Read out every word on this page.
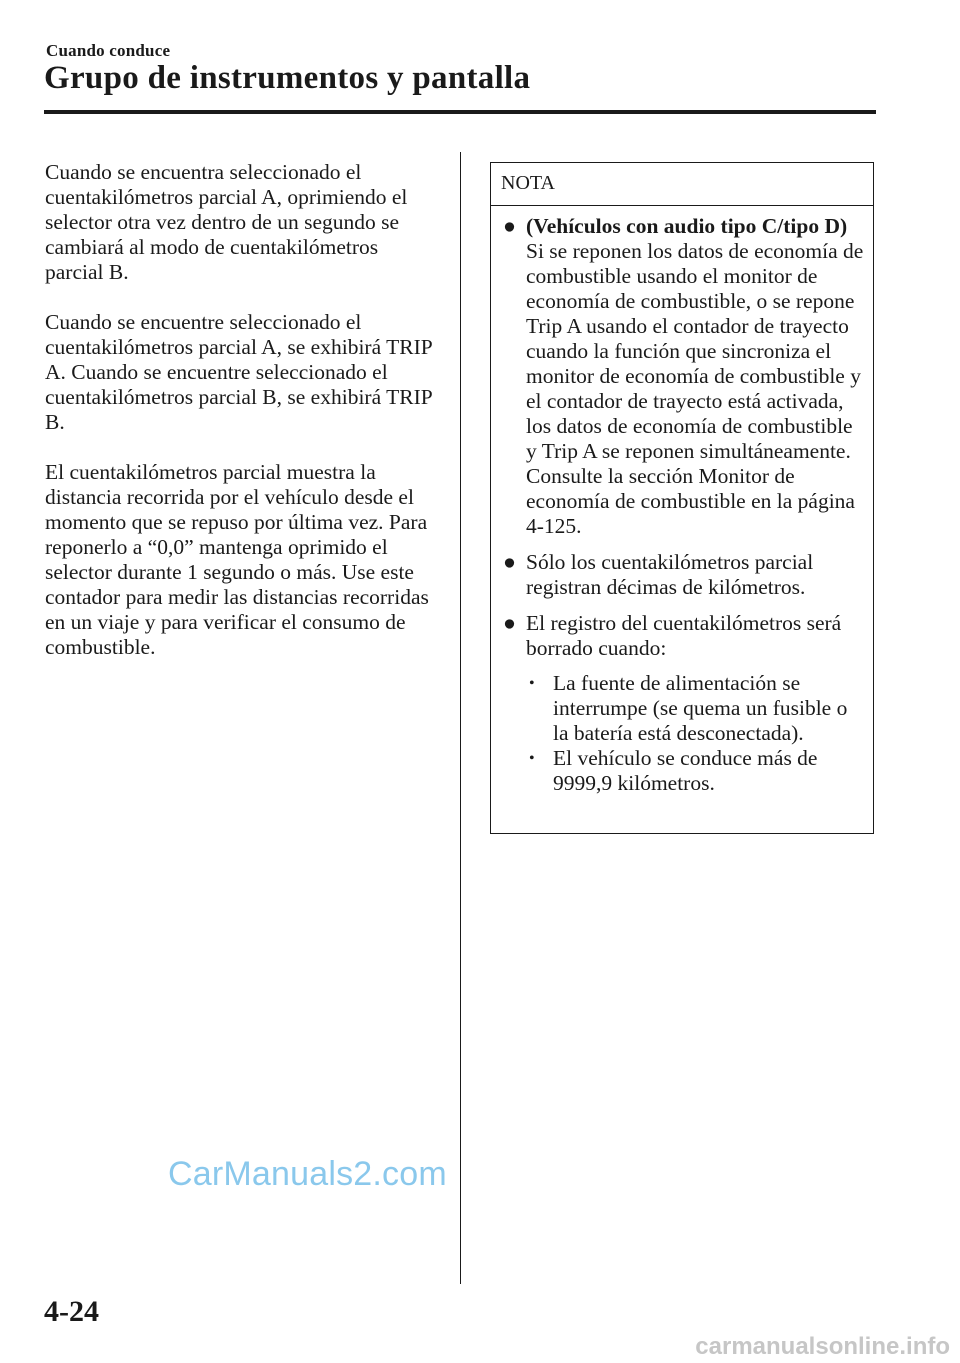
Cuando conduce
Grupo de instrumentos y pantalla

Cuando se encuentra seleccionado el cuentakilómetros parcial A, oprimiendo el selector otra vez dentro de un segundo se cambiará al modo de cuentakilómetros parcial B.

Cuando se encuentre seleccionado el cuentakilómetros parcial A, se exhibirá TRIP A. Cuando se encuentre seleccionado el cuentakilómetros parcial B, se exhibirá TRIP B.

El cuentakilómetros parcial muestra la distancia recorrida por el vehículo desde el momento que se repuso por última vez. Para reponerlo a “0,0” mantenga oprimido el selector durante 1 segundo o más. Use este contador para medir las distancias recorridas en un viaje y para verificar el consumo de combustible.

NOTA
● (Vehículos con audio tipo C/tipo D)
Si se reponen los datos de economía de combustible usando el monitor de economía de combustible, o se repone Trip A usando el contador de trayecto cuando la función que sincroniza el monitor de economía de combustible y el contador de trayecto está activada, los datos de economía de combustible y Trip A se reponen simultáneamente.
Consulte la sección Monitor de economía de combustible en la página 4-125.
● Sólo los cuentakilómetros parcial registran décimas de kilómetros.
● El registro del cuentakilómetros será borrado cuando:
• La fuente de alimentación se interrumpe (se quema un fusible o la batería está desconectada).
• El vehículo se conduce más de 9999,9 kilómetros.
CarManuals2.com
4-24
carmanualsonline.info
